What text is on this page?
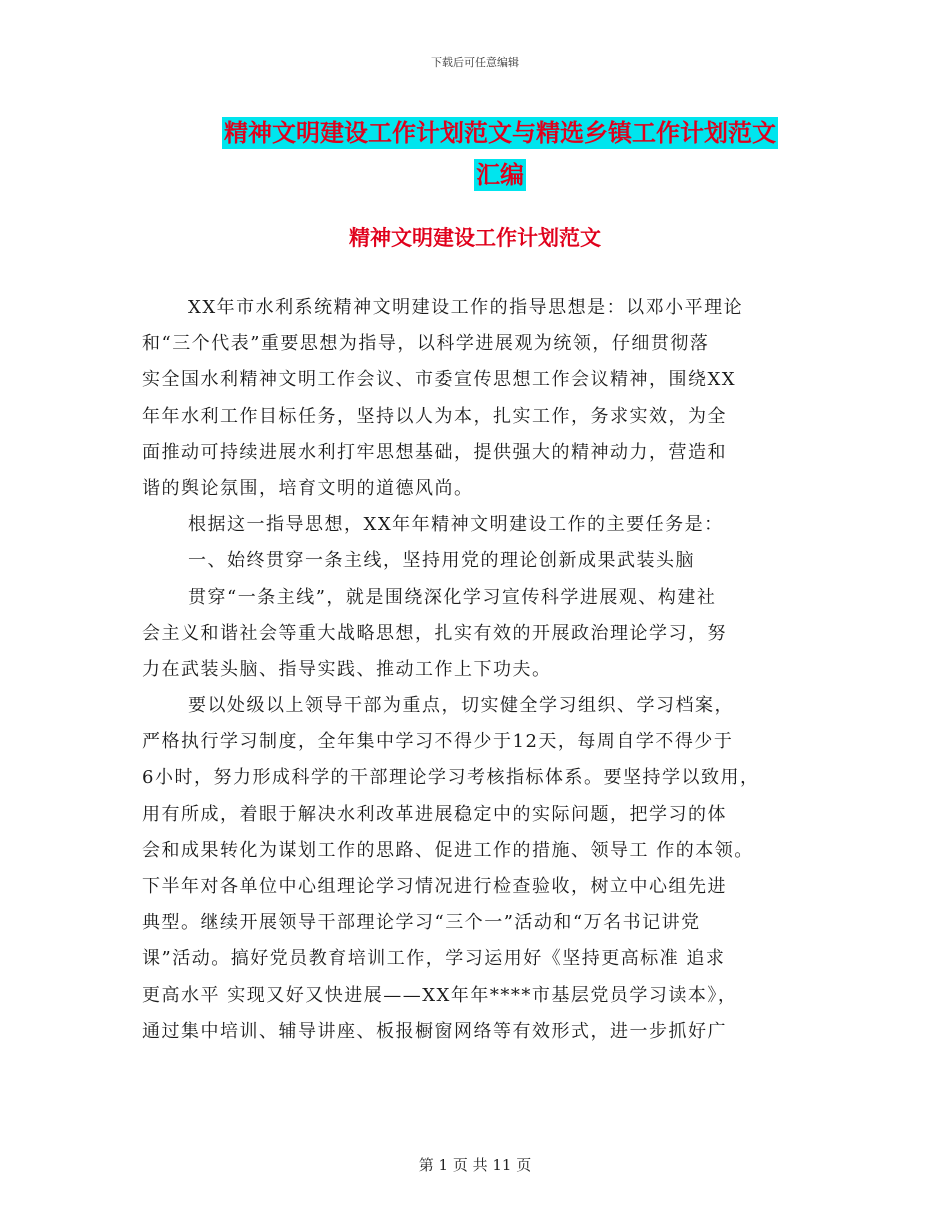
下载后可任意编辑
精神文明建设工作计划范文与精选乡镇工作计划范文
汇编
精神文明建设工作计划范文
XX年市水利系统精神文明建设工作的指导思想是：以邓小平理论
和“三个代表”重要思想为指导，以科学进展观为统领，仔细贯彻落
实全国水利精神文明工作会议、市委宣传思想工作会议精神，围绕XX
年年水利工作目标任务，坚持以人为本，扎实工作，务求实效，为全
面推动可持续进展水利打牢思想基础，提供强大的精神动力，营造和
谐的舆论氛围，培育文明的道德风尚。
根据这一指导思想，XX年年精神文明建设工作的主要任务是：
一、始终贯穿一条主线，坚持用党的理论创新成果武装头脑
贯穿“一条主线”，就是围绕深化学习宣传科学进展观、构建社
会主义和谐社会等重大战略思想，扎实有效的开展政治理论学习，努
力在武装头脑、指导实践、推动工作上下功夫。
要以处级以上领导干部为重点，切实健全学习组织、学习档案，
严格执行学习制度，全年集中学习不得少于12天，每周自学不得少于
6小时，努力形成科学的干部理论学习考核指标体系。要坚持学以致用，
用有所成，着眼于解决水利改革进展稳定中的实际问题，把学习的体
会和成果转化为谋划工作的思路、促进工作的措施、领导工 作的本领。
下半年对各单位中心组理论学习情况进行检查验收，树立中心组先进
典型。继续开展领导干部理论学习“三个一”活动和“万名书记讲党
课”活动。搞好党员教育培训工作，学习运用好《坚持更高标准 追求
更高水平 实现又好又快进展——XX年年****市基层党员学习读本》，
通过集中培训、辅导讲座、板报橱窗网络等有效形式，进一步抓好广
第 1 页 共 11 页
